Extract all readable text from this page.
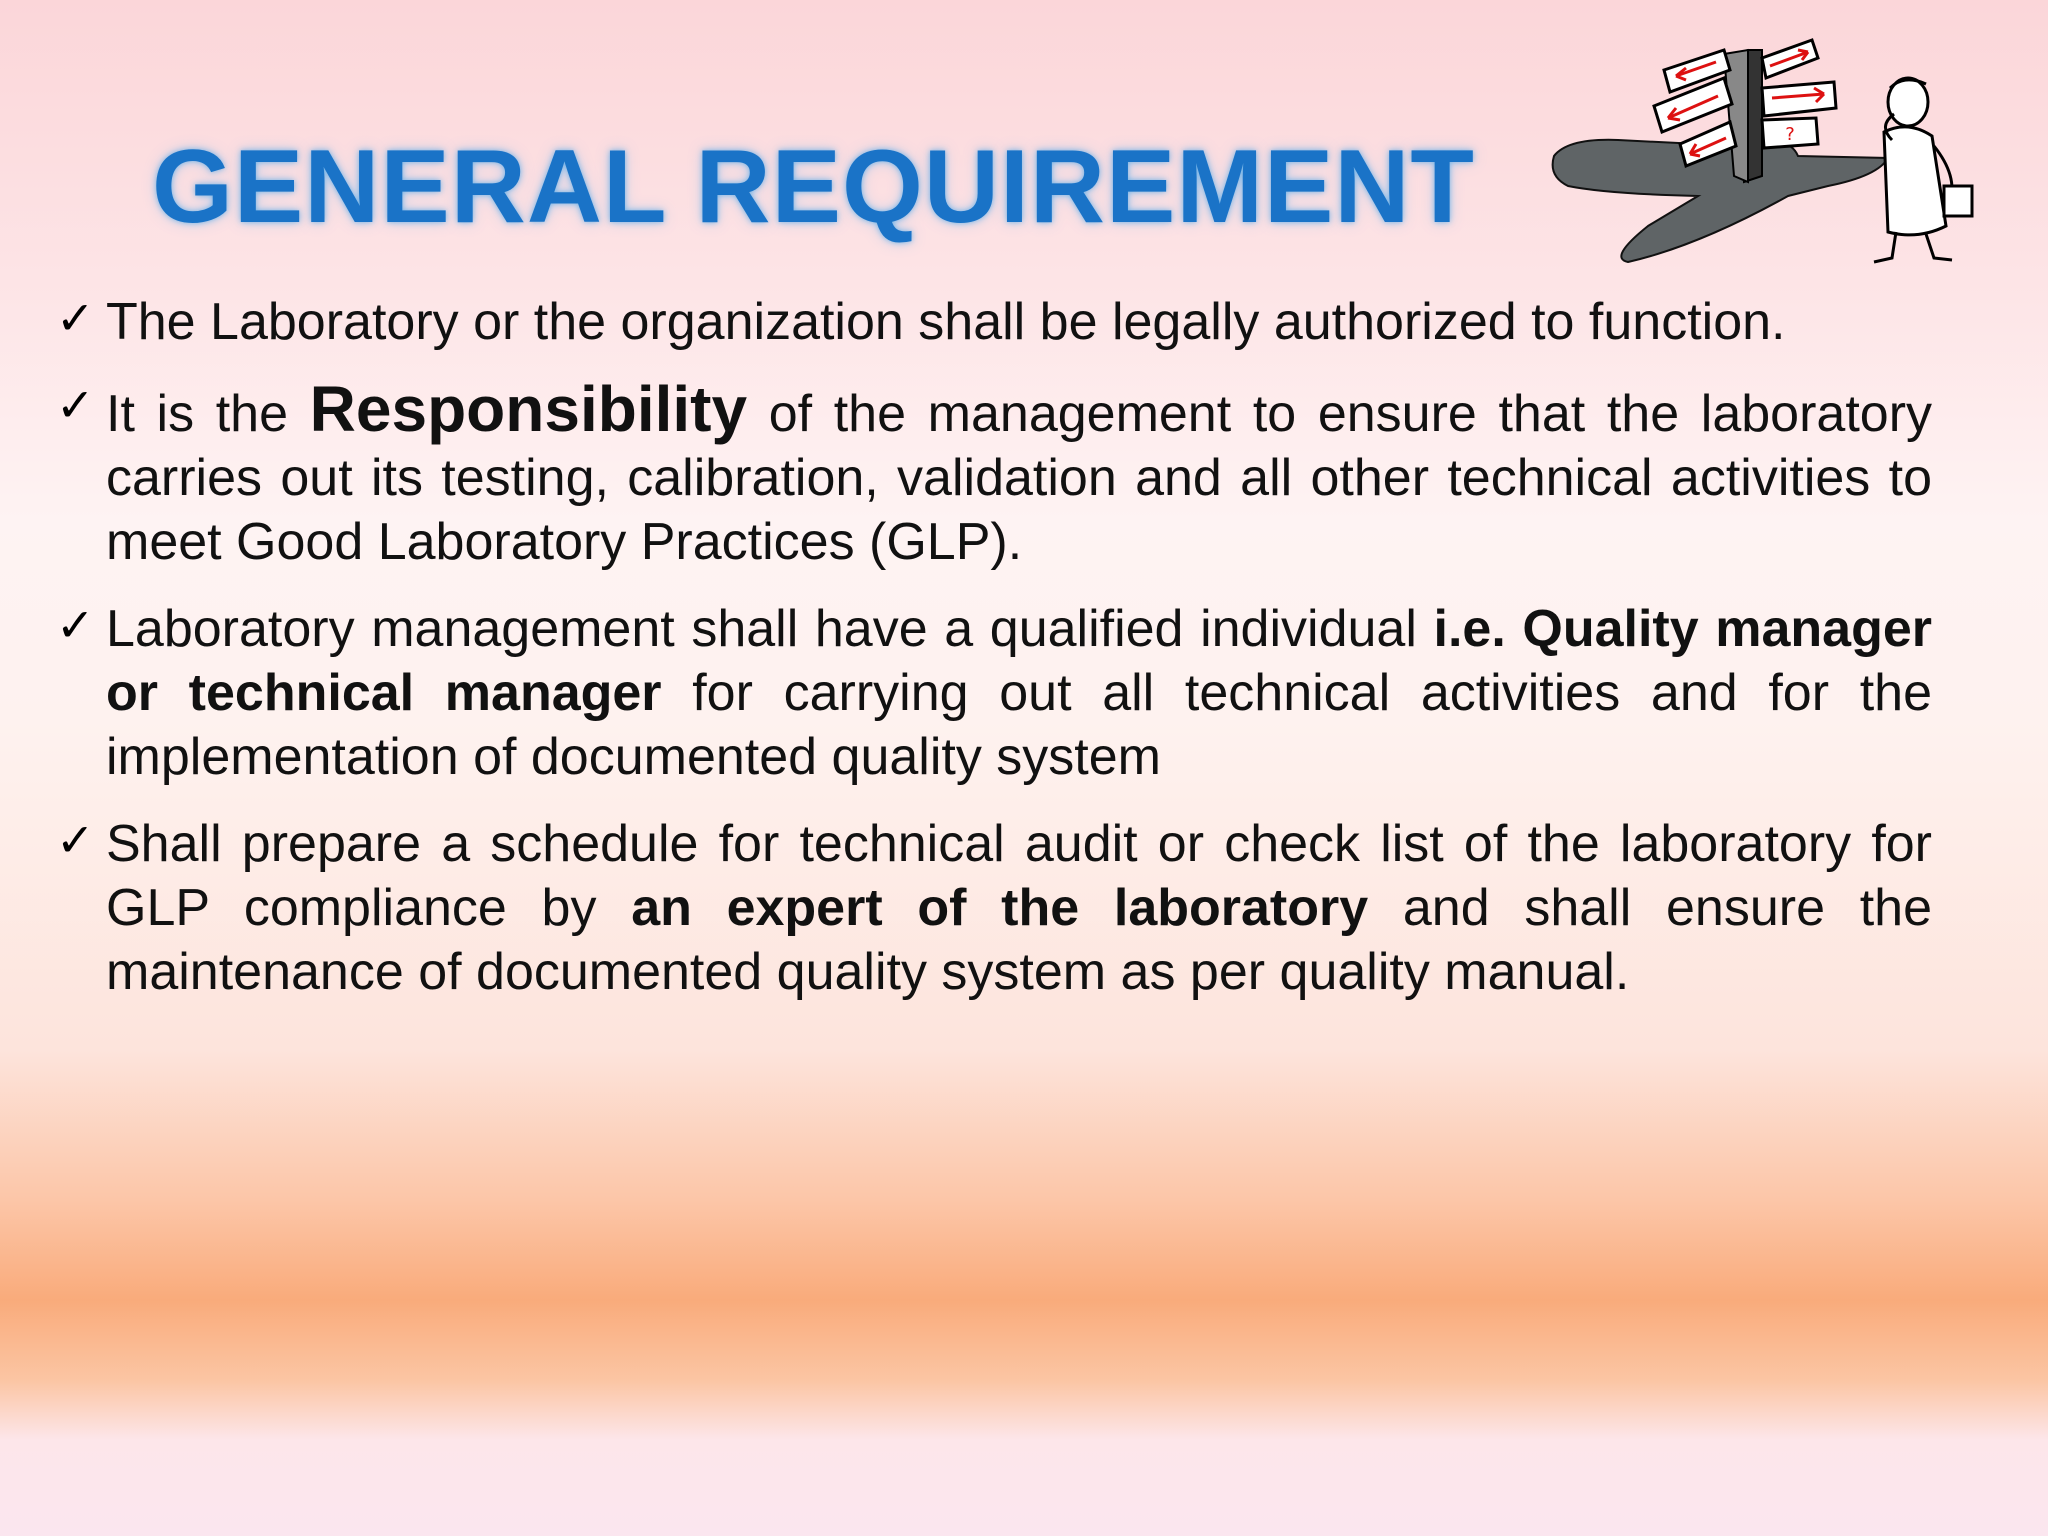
GENERAL REQUIREMENT	?
✓ The Laboratory or the organization shall be legally authorized to function.
✓ It is the Responsibility of the management to ensure that the laboratory carries out its testing, calibration, validation and all other technical activities to meet Good Laboratory Practices (GLP).
✓ Laboratory management shall have a qualified individual i.e. Quality manager or technical manager for carrying out all technical activities and for the implementation of documented quality system
✓ Shall prepare a schedule for technical audit or check list of the laboratory for GLP compliance by an expert of the laboratory and shall ensure the maintenance of documented quality system as per quality manual.
